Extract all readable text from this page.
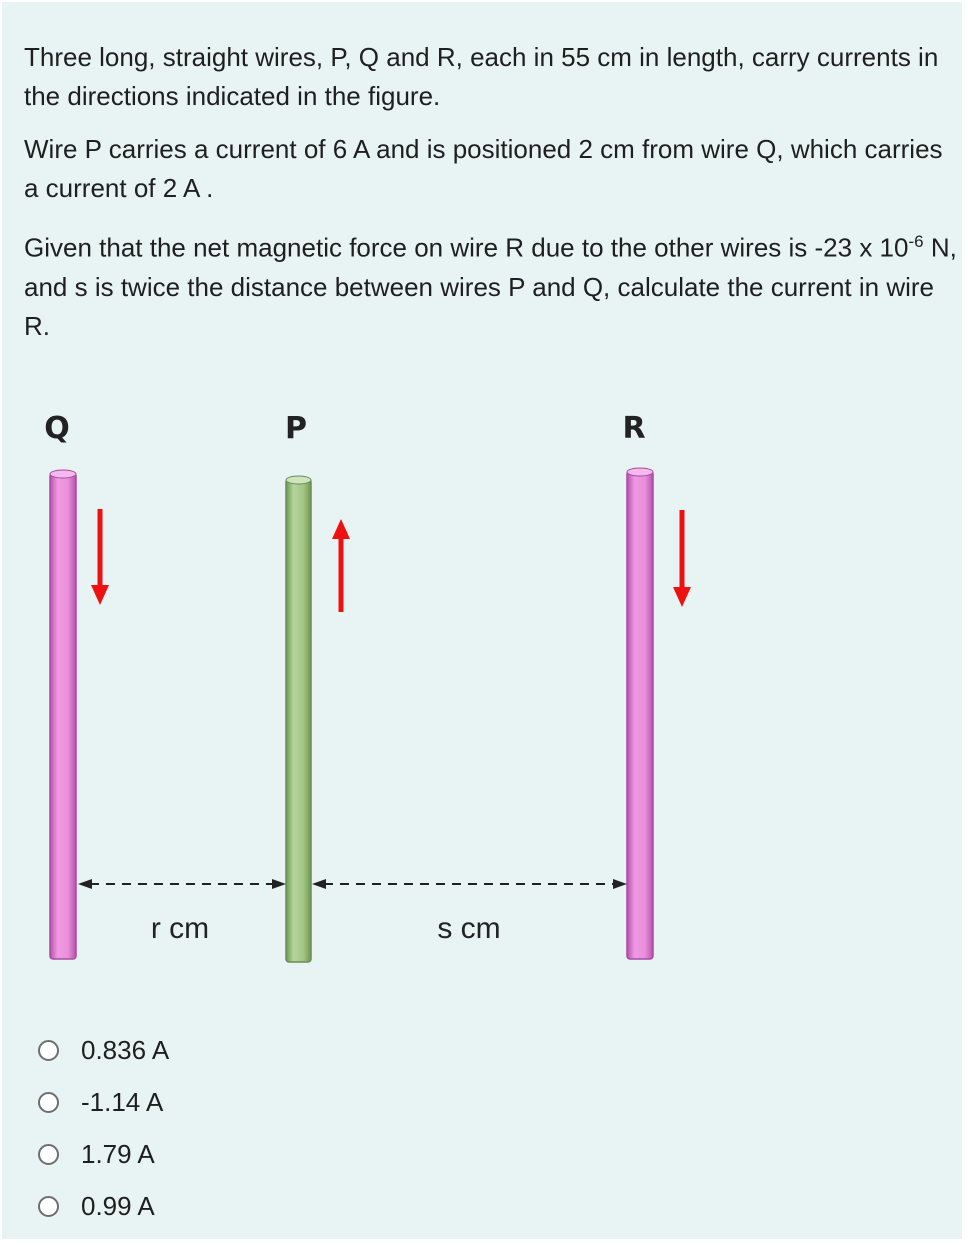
Three long, straight wires, P, Q and R, each in 55 cm in length, carry currents in the directions indicated in the figure.

Wire P carries a current of 6 A and is positioned 2 cm from wire Q, which carries a current of 2 A .

Given that the net magnetic force on wire R due to the other wires is -23 x $10^{-6}$ N, and s is twice the distance between wires P and Q, calculate the current in wire R.

Q	P	R
r cm	s cm
0.836 A
-1.14 A
1.79 A
0.99 A
